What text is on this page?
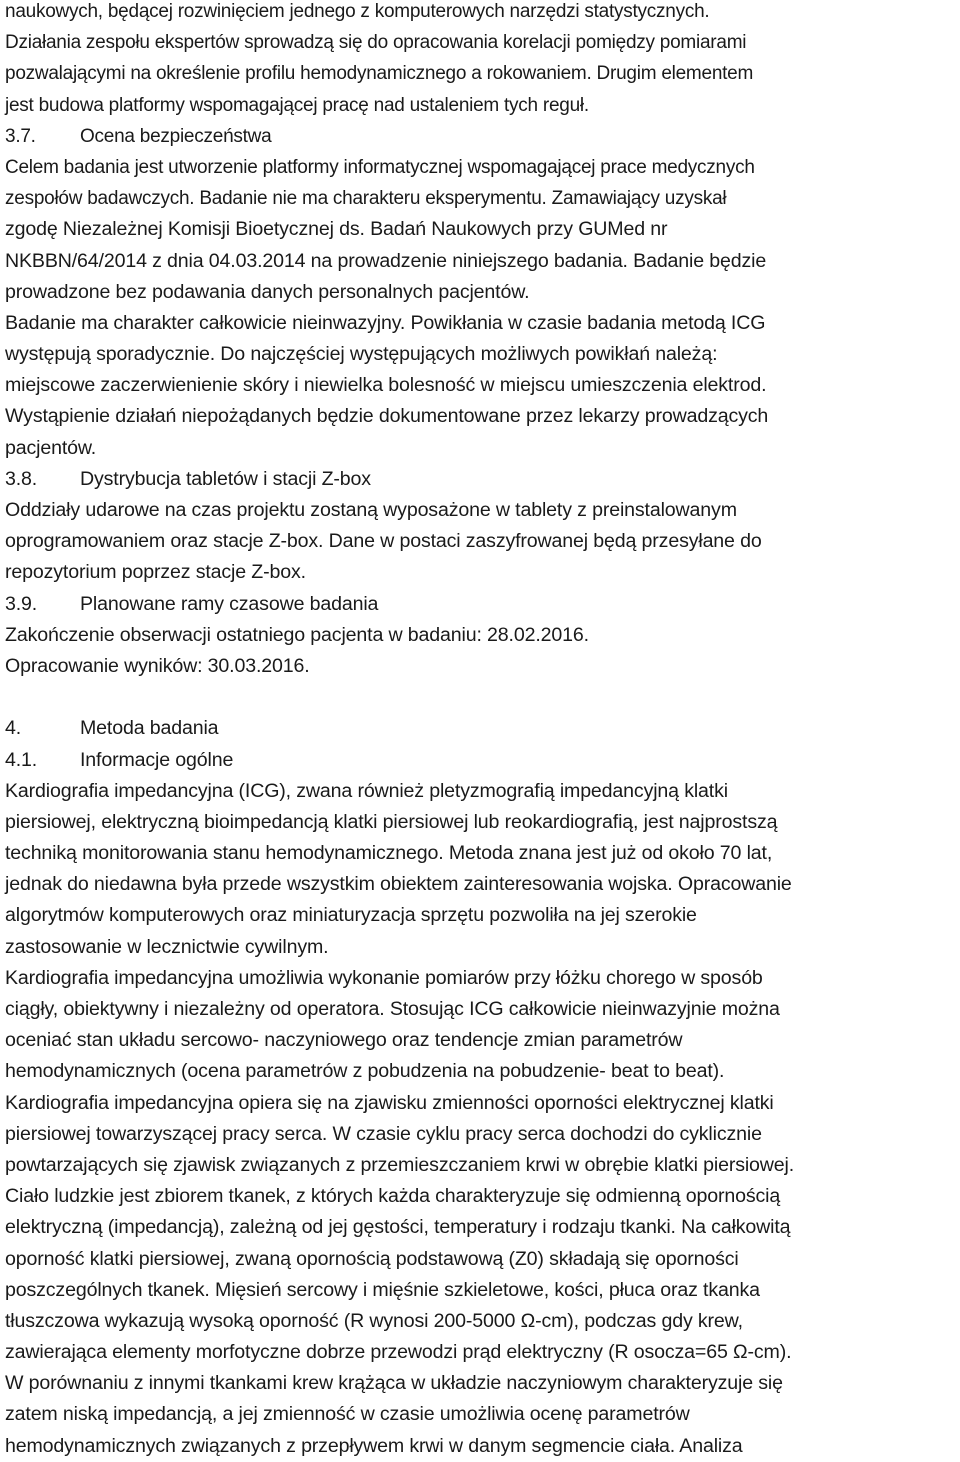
naukowych, będącej rozwinięciem jednego z komputerowych narzędzi statystycznych.
Działania zespołu ekspertów sprowadzą się do opracowania korelacji pomiędzy pomiarami
pozwalającymi na określenie profilu hemodynamicznego a rokowaniem. Drugim elementem
jest budowa platformy wspomagającej pracę nad ustaleniem tych reguł.
3.7. Ocena bezpieczeństwa
Celem badania jest utworzenie platformy informatycznej wspomagającej prace medycznych
zespołów badawczych. Badanie nie ma charakteru eksperymentu. Zamawiający uzyskał
zgodę Niezależnej Komisji Bioetycznej ds. Badań Naukowych przy GUMed nr
NKBBN/64/2014 z dnia 04.03.2014 na prowadzenie niniejszego badania. Badanie będzie
prowadzone bez podawania danych personalnych pacjentów.
Badanie ma charakter całkowicie nieinwazyjny. Powikłania w czasie badania metodą ICG
występują sporadycznie. Do najczęściej występujących możliwych powikłań należą:
miejscowe zaczerwienienie skóry i niewielka bolesność w miejscu umieszczenia elektrod.
Wystąpienie działań niepożądanych będzie dokumentowane przez lekarzy prowadzących
pacjentów.
3.8. Dystrybucja tabletów i stacji Z-box
Oddziały udarowe na czas projektu zostaną wyposażone w tablety z preinstalowanym
oprogramowaniem oraz stacje Z-box. Dane w postaci zaszyfrowanej będą przesyłane do
repozytorium poprzez stacje Z-box.
3.9. Planowane ramy czasowe badania
Zakończenie obserwacji ostatniego pacjenta w badaniu: 28.02.2016.
Opracowanie wyników: 30.03.2016.
4.	Metoda badania
4.1. Informacje ogólne
Kardiografia impedancyjna (ICG), zwana również pletyzmografią impedancyjną klatki
piersiowej, elektryczną bioimpedancją klatki piersiowej lub reokardiografią, jest najprostszą
techniką monitorowania stanu hemodynamicznego. Metoda znana jest już od około 70 lat,
jednak do niedawna była przede wszystkim obiektem zainteresowania wojska. Opracowanie
algorytmów komputerowych oraz miniaturyzacja sprzętu pozwoliła na jej szerokie
zastosowanie w lecznictwie cywilnym.
Kardiografia impedancyjna umożliwia wykonanie pomiarów przy łóżku chorego w sposób
ciągły, obiektywny i niezależny od operatora. Stosując ICG całkowicie nieinwazyjnie można
oceniać stan układu sercowo- naczyniowego oraz tendencje zmian parametrów
hemodynamicznych (ocena parametrów z pobudzenia na pobudzenie- beat to beat).
Kardiografia impedancyjna opiera się na zjawisku zmienności oporności elektrycznej klatki
piersiowej towarzyszącej pracy serca. W czasie cyklu pracy serca dochodzi do cyklicznie
powtarzających się zjawisk związanych z przemieszczaniem krwi w obrębie klatki piersiowej.
Ciało ludzkie jest zbiorem tkanek, z których każda charakteryzuje się odmienną opornością
elektryczną (impedancją), zależną od jej gęstości, temperatury i rodzaju tkanki. Na całkowitą
oporność klatki piersiowej, zwaną opornością podstawową (Z0) składają się oporności
poszczególnych tkanek. Mięsień sercowy i mięśnie szkieletowe, kości, płuca oraz tkanka
tłuszczowa wykazują wysoką oporność (R wynosi 200-5000 Ω-cm), podczas gdy krew,
zawierająca elementy morfotyczne dobrze przewodzi prąd elektryczny (R osocza=65 Ω-cm).
W porównaniu z innymi tkankami krew krążąca w układzie naczyniowym charakteryzuje się
zatem niską impedancją, a jej zmienność w czasie umożliwia ocenę parametrów
hemodynamicznych związanych z przepływem krwi w danym segmencie ciała. Analiza
